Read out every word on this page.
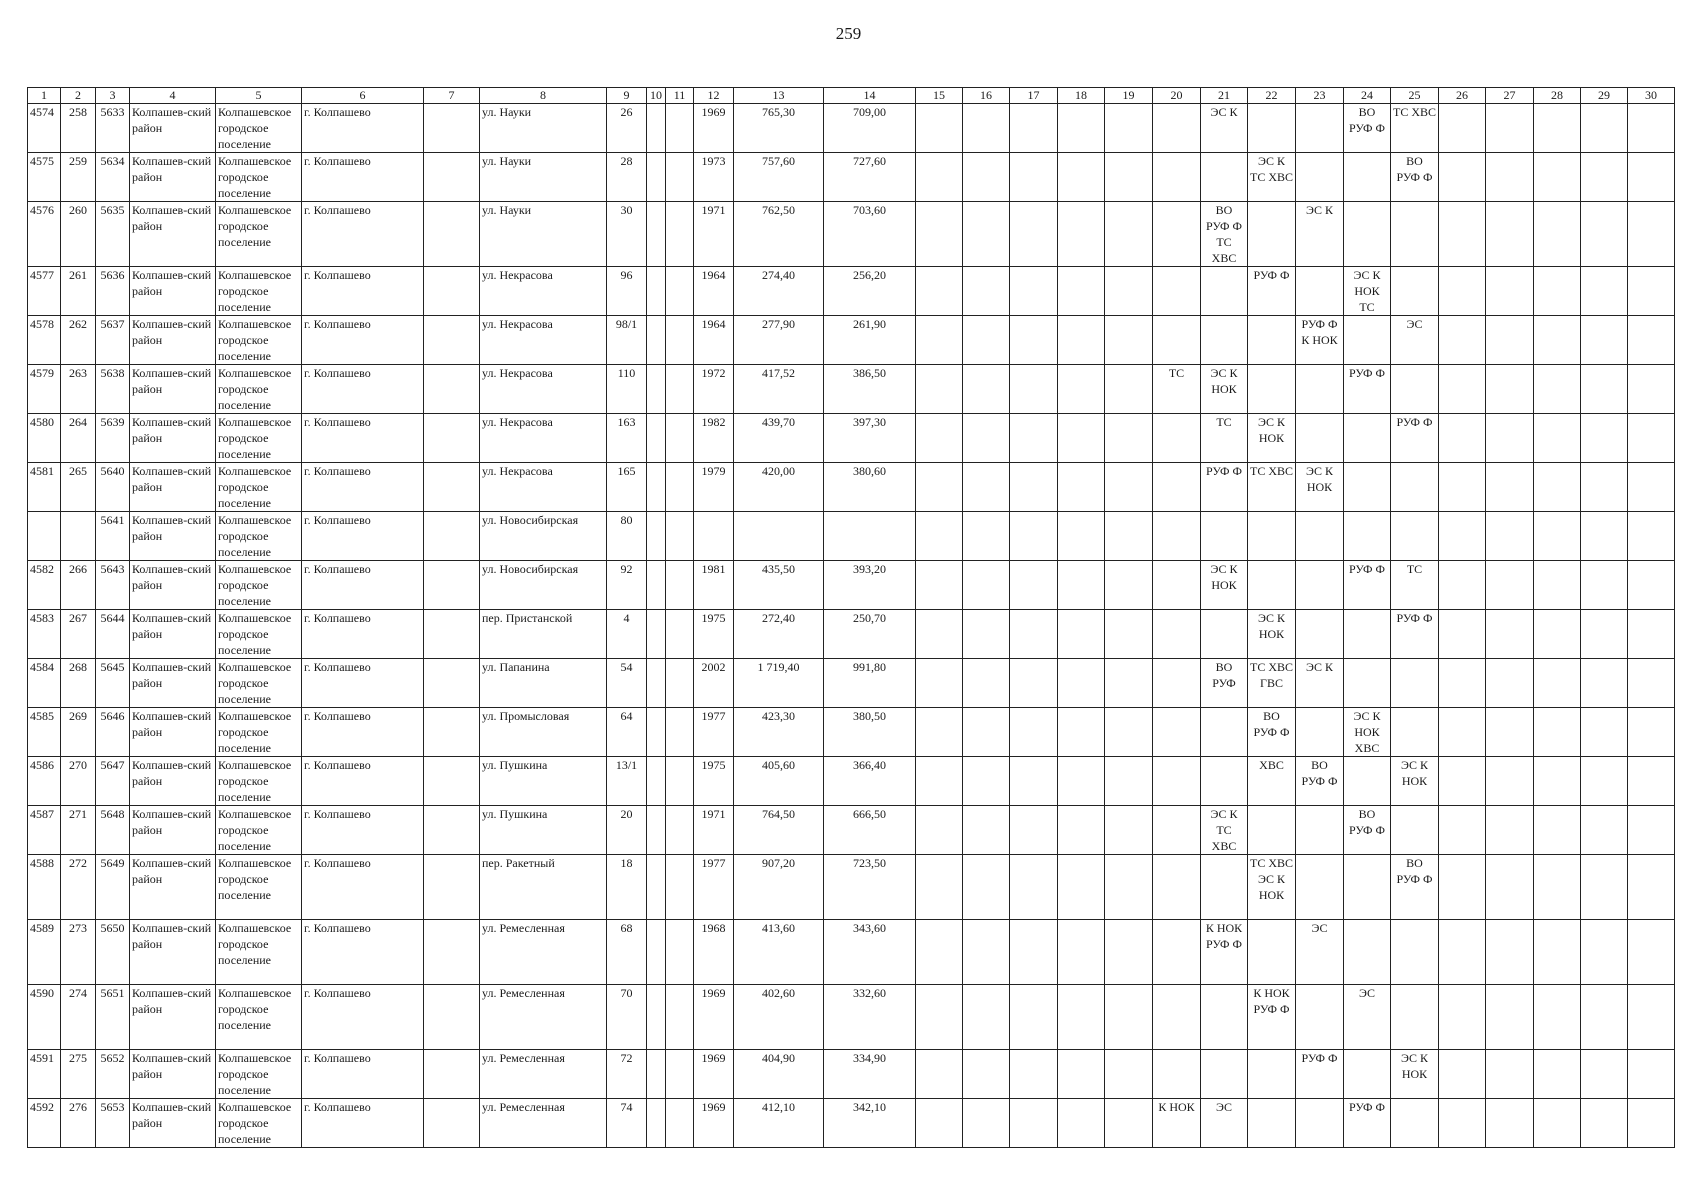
259
1	2	3	4	5	6	7	8	9	10	11	12	13	14	15	16	17	18	19	20	21	22	23	24	25	26	27	28	29	30
4574	258	5633	Колпашев-ский район	Колпашевское городское поселение	г. Колпашево		ул. Науки	26			1969	765,30	709,00							ЭС К			ВО РУФ Ф	ТС ХВС					
4575	259	5634	Колпашев-ский район	Колпашевское городское поселение	г. Колпашево		ул. Науки	28			1973	757,60	727,60								ЭС К ТС ХВС			ВО РУФ Ф					
4576	260	5635	Колпашев-ский район	Колпашевское городское поселение	г. Колпашево		ул. Науки	30			1971	762,50	703,60							ВО РУФ Ф ТС ХВС		ЭС К							
4577	261	5636	Колпашев-ский район	Колпашевское городское поселение	г. Колпашево		ул. Некрасова	96			1964	274,40	256,20								РУФ Ф		ЭС К НОК ТС						
4578	262	5637	Колпашев-ский район	Колпашевское городское поселение	г. Колпашево		ул. Некрасова	98/1			1964	277,90	261,90									РУФ Ф К НОК		ЭС					
4579	263	5638	Колпашев-ский район	Колпашевское городское поселение	г. Колпашево		ул. Некрасова	110			1972	417,52	386,50						ТС	ЭС К НОК			РУФ Ф						
4580	264	5639	Колпашев-ский район	Колпашевское городское поселение	г. Колпашево		ул. Некрасова	163			1982	439,70	397,30							ТС	ЭС К НОК			РУФ Ф					
4581	265	5640	Колпашев-ский район	Колпашевское городское поселение	г. Колпашево		ул. Некрасова	165			1979	420,00	380,60							РУФ Ф	ТС ХВС	ЭС К НОК							
		5641	Колпашев-ский район	Колпашевское городское поселение	г. Колпашево		ул. Новосибирская	80																					
4582	266	5643	Колпашев-ский район	Колпашевское городское поселение	г. Колпашево		ул. Новосибирская	92			1981	435,50	393,20							ЭС К НОК			РУФ Ф	ТС					
4583	267	5644	Колпашев-ский район	Колпашевское городское поселение	г. Колпашево		пер. Пристанской	4			1975	272,40	250,70								ЭС К НОК			РУФ Ф					
4584	268	5645	Колпашев-ский район	Колпашевское городское поселение	г. Колпашево		ул. Папанина	54			2002	1 719,40	991,80							ВО РУФ	ТС ХВС ГВС	ЭС К							
4585	269	5646	Колпашев-ский район	Колпашевское городское поселение	г. Колпашево		ул. Промысловая	64			1977	423,30	380,50								ВО РУФ Ф		ЭС К НОК ХВС						
4586	270	5647	Колпашев-ский район	Колпашевское городское поселение	г. Колпашево		ул. Пушкина	13/1			1975	405,60	366,40								ХВС	ВО РУФ Ф		ЭС К НОК					
4587	271	5648	Колпашев-ский район	Колпашевское городское поселение	г. Колпашево		ул. Пушкина	20			1971	764,50	666,50							ЭС К ТС ХВС			ВО РУФ Ф						
4588	272	5649	Колпашев-ский район	Колпашевское городское поселение	г. Колпашево		пер. Ракетный	18			1977	907,20	723,50								ТС ХВС ЭС К НОК			ВО РУФ Ф					
4589	273	5650	Колпашев-ский район	Колпашевское городское поселение	г. Колпашево		ул. Ремесленная	68			1968	413,60	343,60							К НОК РУФ Ф		ЭС							
4590	274	5651	Колпашев-ский район	Колпашевское городское поселение	г. Колпашево		ул. Ремесленная	70			1969	402,60	332,60								К НОК РУФ Ф		ЭС						
4591	275	5652	Колпашев-ский район	Колпашевское городское поселение	г. Колпашево		ул. Ремесленная	72			1969	404,90	334,90									РУФ Ф		ЭС К НОК					
4592	276	5653	Колпашев-ский район	Колпашевское городское поселение	г. Колпашево		ул. Ремесленная	74			1969	412,10	342,10						К НОК	ЭС			РУФ Ф						
